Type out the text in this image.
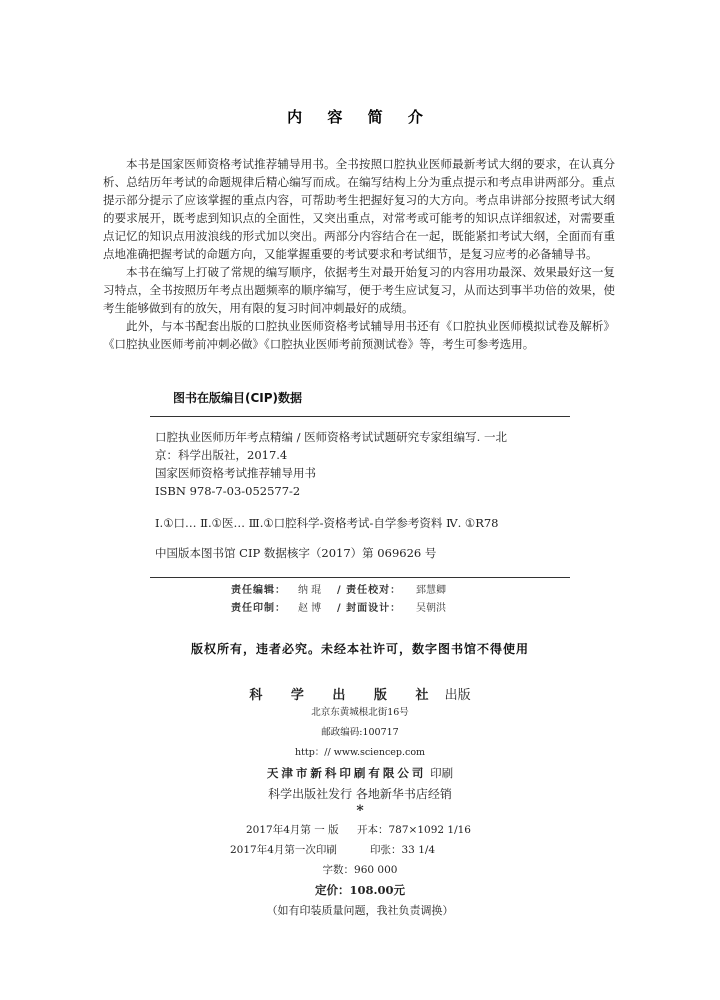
内 容 简 介

本书是国家医师资格考试推荐辅导用书。全书按照口腔执业医师最新考试大纲的要求，在认真分析、总结历年考试的命题规律后精心编写而成。在编写结构上分为重点提示和考点串讲两部分。重点提示部分提示了应该掌握的重点内容，可帮助考生把握好复习的大方向。考点串讲部分按照考试大纲的要求展开，既考虑到知识点的全面性，又突出重点，对常考或可能考的知识点详细叙述，对需要重点记忆的知识点用波浪线的形式加以突出。两部分内容结合在一起，既能紧扣考试大纲，全面而有重点地准确把握考试的命题方向，又能掌握重要的考试要求和考试细节，是复习应考的必备辅导书。

本书在编写上打破了常规的编写顺序，依据考生对最开始复习的内容用功最深、效果最好这一复习特点，全书按照历年考点出题频率的顺序编写，便于考生应试复习，从而达到事半功倍的效果，使考生能够做到有的放矢，用有限的复习时间冲刺最好的成绩。

此外，与本书配套出版的口腔执业医师资格考试辅导用书还有《口腔执业医师模拟试卷及解析》《口腔执业医师考前冲刺必做》《口腔执业医师考前预测试卷》等，考生可参考选用。

图书在版编目(CIP)数据

口腔执业医师历年考点精编 / 医师资格考试试题研究专家组编写. 一北

京：科学出版社，2017.4

国家医师资格考试推荐辅导用书

ISBN 978-7-03-052577-2

Ⅰ.①口… Ⅱ.①医… Ⅲ.①口腔科学-资格考试-自学参考资料 Ⅳ. ①R78

中国版本图书馆 CIP 数据核字（2017）第 069626 号

责任编辑： 纳 琨 / 责任校对： 郅慧卿
责任印制： 赵 博 / 封面设计： 吴朝洪
版权所有，违者必究。未经本社许可，数字图书馆不得使用
科 学 出 版 社 出版
北京东黄城根北街16号
邮政编码:100717
http：// www.sciencep.com
天津市新科印刷有限公司 印刷
科学出版社发行 各地新华书店经销
*
2017年4月第 一 版 开本：787×1092 1/16
2017年4月第一次印刷	印张：33 1/4
字数：960 000
定价：108.00元
（如有印装质量问题，我社负责调换）
